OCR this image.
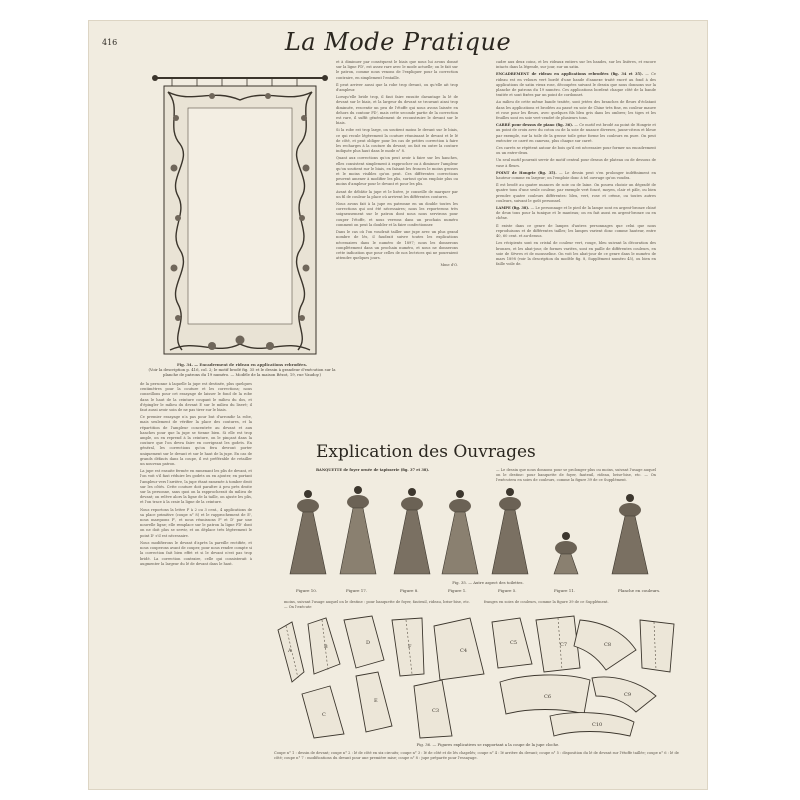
416	La Mode Pratique
Fig. 34. — Encadrement de rideau en applications rebrodées.
(Voir la description p. 416, col. 2; le motif brodé fig. 35 et le dessin à grandeur d'exécution sur la planche de patrons du 19 numéro. — Modèle de la maison Bézot, 19, rue Vaudoy.)

et à diminuer par conséquent le biais que nous lui avons donné sur la ligne FD', est assez rare avec le mode actuelle; on le fait sur le patron, comme nous venons de l'expliquer pour la correction contraire, en simplement l'entaille.

Il peut arriver aussi que la robe trop devant, ou qu'elle ait trop d'ampleur.

Lorsqu'elle bride trop, il faut faire ensuite davantage la lé de devant sur le biais, et la largeur du devant se trouvant ainsi trop diminuée, rescentir un peu de l'étoffe qui nous avons laissée en dehors du contour FD', mais cette seconde partie de la correction est rare, il suffit généralement de reconstruire le devant sur le biais.

Si la robe est trop large, on soutient moins le devant sur le biais, ce qui recule légèrement la couture réunissant le devant et le lé de côté, et peut obliger pour les cas de petites correction à faire les recharges à la couture du devant; on fait en outre la couture indiquée plus haut dans le mode n° 8.

Quant aux corrections qu'on peut avoir à faire sur les hanches, elles consistent simplement à rapprocher ou à diminuer l'ampleur qu'on soutient sur le biais, en faisant les fronces le moins grosses et le moins visibles qu'on peut. Ces différentes corrections peuvent amener à modifier les plis, surtout qu'on emploie plus ou moins d'ampleur pour le devant et pour les plis.

Avant de débâtir la jupe et le lisère, je conseille de marquer par un fil de couleur la place où arrivent les différentes coutures.

Nous avons fait à la jupe en patronne en un double toutes les corrections qui ont été nécessaires; nous les reporterons très soigneusement sur le patron dont nous nous servirons pour couper l'étoffe, et nous verrons dans un prochain numéro comment on peut la doubler et la faire confectionner.

Dans le cas où l'on voudrait tailler une jupe avec un plus grand nombre de lés, il faudrait suivre toutes les explications nécessaires dans le numéro de 1897; nous les donnerons complètement dans un prochain numéro, et nous ne donnerons cette indication que pour celles de nos lectrices qui ne pourraient attendre quelques jours.

Mme d'O.

cadre aux deux coins, et les rideaux entiers sur les bandes, sur les lisières, et encore intacts dans la légende, sur jour, sur un satin.

ENCADREMENT de rideau en applications rebrodées (fig. 34 et 35). — Ce rideau est en velours vert bordé d'une bande d'annexe traité encré au fond à des applications de satin vieux rose, découpées suivant le dessin que nous donnons sur la planche de patrons du 19 numéro. Ces applications bordent chaque côté de la bande traitée et sont fixées par un point de cordonnet.

Au milieu de cette même bande traitée, sont jetées des branches de fleurs d'éclatant dans les applications et brodées au passé en soie de Chine très fine, en couleur mauve et rose pour les fleurs, avec quelques fils bleu gris dans les ombres; les tiges et les feuilles sont en soie vert-cendré de plusieurs tons.

CARRÉ pour dessus de piano (fig. 36). — Ce motif est brodé au point de Hongrie et au point de croix avec du coton ou de la soie de nuance diverses, jaune-citron et bleue par exemple, sur la toile de la grosse toile grise forme les couleurs en pure. On peut exécuter ce carré en canevas, plus chaque sur carré.

Ces carrés se répètent autour de bois qu'il est nécessaire pour former un encadrement ou un entre-deux.

Un seul motif pourrait servir de motif central pour dessus de plateau ou de dessous de vase à fleurs.

POINT de Hongrie (fig. 35). — Le dessin peut s'en prolonger indéfiniment en hauteur comme en largeur; on l'emploie donc à tel ouvrage qu'on voudra.

Il est brodé au quatre nuances de soie ou de laine. On pourra choisir un dégradé de quatre tons d'une seule couleur, par exemple vert foncé, moyen, clair et pâle, ou bien prendre quatre couleurs différentes: bleu, vert, rose et crème, ou toutes autres couleurs, suivant le goût personnel.

LAMPE (fig. 38). — Le personnage et le pied de la lampe sont en argent-bronze chiné de deux tons pour la tunique et le manteau; on en fait aussi en argent-bronze ou en chêne.

Il existe dans ce genre de lampes d'autres personnages que celui que nous reproduisons et de différentes tailles; les lampes varient donc comme hauteur, entre 40, 60 cent. et au-dessus.

Les récipients sont en cristal de couleur vert, rouge, bleu suivant la décoration des bronzes, et les abat-jour, de formes variées, sont en paille de différentes couleurs, en soie de Sèvres et de mousseline. On voit les abat-jour de ce genre dans le numéro de mars 1898 (voir la description du modèle fig. 8, Supplément numéro 45), ou bien en faille voile de.

de la personne à laquelle la jupe est destinée, plus quelques centimètres pour la couture et les corrections; nous conseillons pour cet essayage de laisser le fond de la robe dans le haut de la ceinture coupant le milieu du dos, et d'épingler le milieu du devant E sur le milieu du liseré; il faut aussi avoir soin de ne pas tirer sur le biais.

Ce premier essayage n'a pas pour but d'arrondir la robe, mais seulement de vérifier la place des coutures, et la répartition de l'ampleur concentrée au devant et aux hanches pour que la jupe se tienne bien. Si elle est trop ample, on en reprend à la ceinture, on le pinçant dans la couture que l'on devra faire en corrigeant les godets. En général, les corrections qu'on fera devront porter uniquement sur le devant et sur le haut de la jupe. En cas de grands défauts dans la coupe, il est préférable de retailler un nouveau patron.

La jupe est ensuite fermée en ramenant les plis de devant, et l'on voit s'il faut réduire les godets ou en ajouter, en portant l'ampleur vers l'arrière, la jupe étant ramenée à tomber droit sur les côtés. Cette couture doit paraître à peu près droite sur la personne, sans quoi on la rapprocherait du milieu de devant; on relève alors la ligne de la taille, on ajuste les plis, et l'on trace à la craie la ligne de la ceinture.

Nous reportons la lettre F à 2 ou 3 cent., 4 applications de sa place primitive (coupe n° 8) et le rapprochement de E', nous marquons F', et nous réunissons F' et D' par une nouvelle ligne; elle remplace sur le patron la ligne FD' dont on ne doit plus se servir, et on déplace très légèrement le point D' s'il est nécessaire.

Nous modifierons le devant d'après la pareille rectifiée, et nous couperons avant de couper, pour nous rendre compte si la correction fait bien effet et si le devant n'est pas trop bridé. La correction contraire, celle qui consisterait à augmenter la largeur du lé de devant dans le haut.

Explication des Ouvrages
BANQUETTE de foyer ornée de tapisserie (fig. 37 et 38).	— Le dessin que nous donnons pour se prolonger plus ou moins, suivant l'usage auquel on le destine: pour banquette de foyer, fauteuil, rideau, brise-bise, etc. — On l'exécutera en soies de couleurs, comme la figure 39 de ce Supplément.
Fig. 35. — Autre aspect des toilettes.
Figure 10.	Figure 17.	Figure 8.	Figure 1.	Figure 5.	Figure 11.	Planche en couleurs.
moins, suivant l'usage auquel on le destine : pour banquette de foyer, fauteuil, rideau, brise-bise, etc. — On l'exécute
franges en soies de couleurs, comme la figure 39 de ce Supplément.
A
B
C
D
E
F
C3
C4
C5
C6
C7	C8
C9
C10
Fig. 36. — Figures explicatives se rapportant a la coupe de la jupe cloche.
Coupe n° 1 : dessin de devant; coupe n° 2 : lé de côté en six circuits; coupe n° 3 : lé de côté et de lés chapelés; coupe n° 4 : lé arrière du devant; coupe n° 5 : disposition du lé de devant sur l'étoffe taillée; coupe n° 6 : lé de côté; coupe n° 7 : modifications du devant pour une première mise; coupe n° 8 : jupe préparée pour l'essayage.
